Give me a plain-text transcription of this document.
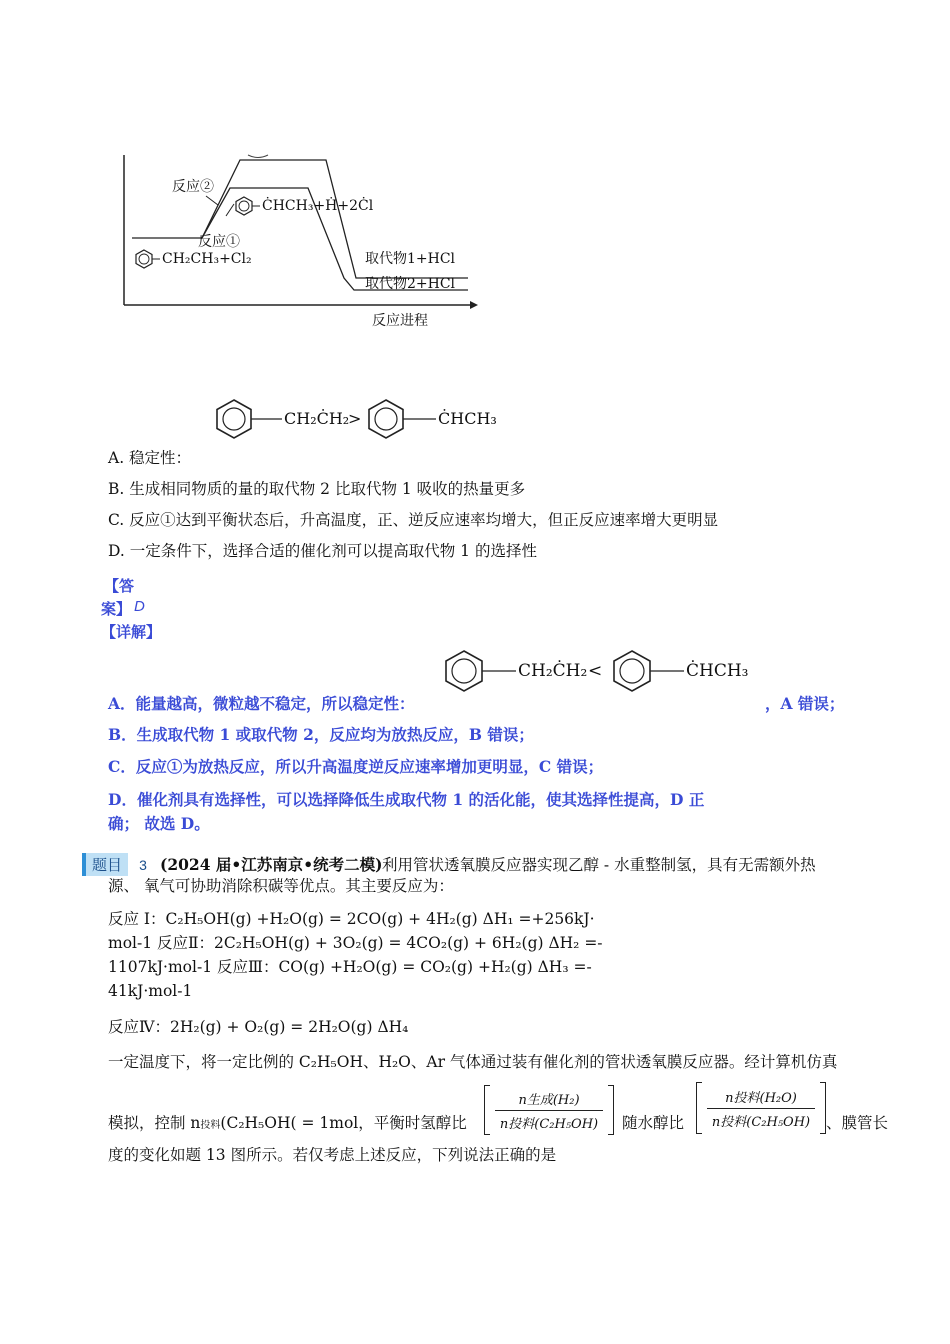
反应②
反应①
ĊHCH₃+Ḣ+2Ċl
CH₂CH₃+Cl₂	取代物1+HCl
取代物2+HCl
反应进程
CH₂ĊH₂
>	ĊHCH₃
A. 稳定性：
B. 生成相同物质的量的取代物 2 比取代物 1 吸收的热量更多
C. 反应①达到平衡状态后，升高温度，正、逆反应速率均增大，但正反应速率增大更明显
D. 一定条件下，选择合适的催化剂可以提高取代物 1 的选择性
【答
案】 D
【详解】
CH₂ĊH₂ <	ĊHCH₃
A．能量越高，微粒越不稳定，所以稳定性：	，A 错误；
B．生成取代物 1 或取代物 2，反应均为放热反应，B 错误；
C．反应①为放热反应，所以升高温度逆反应速率增加更明显，C 错误；
D．催化剂具有选择性，可以选择降低生成取代物 1 的活化能，使其选择性提高，D 正
确； 故选 D。
题目 3 (2024 届•江苏南京•统考二模) 利用管状透氧膜反应器实现乙醇 - 水重整制氢，具有无需额外热
源、 氧气可协助消除积碳等优点。其主要反应为：
反应 Ⅰ：C₂H₅OH(g) +H₂O(g) = 2CO(g) + 4H₂(g) ΔH₁ =+256kJ·
mol-1 反应Ⅱ：2C₂H₅OH(g) + 3O₂(g) = 4CO₂(g) + 6H₂(g) ΔH₂ =-
1107kJ·mol-1 反应Ⅲ：CO(g) +H₂O(g) = CO₂(g) +H₂(g) ΔH₃ =-
41kJ·mol-1
反应Ⅳ：2H₂(g) + O₂(g) = 2H₂O(g) ΔH₄
一定温度下，将一定比例的 C₂H₅OH、H₂O、Ar 气体通过装有催化剂的管状透氧膜反应器。经计算机仿真
模拟，控制 n投料(C₂H₅OH( = 1mol，平衡时氢醇比
n生成(H₂)
n投料(C₂H₅OH)	随水醇比
n投料(H₂O)
n投料(C₂H₅OH)	、膜管长
度的变化如题 13 图所示。若仅考虑上述反应，下列说法正确的是
